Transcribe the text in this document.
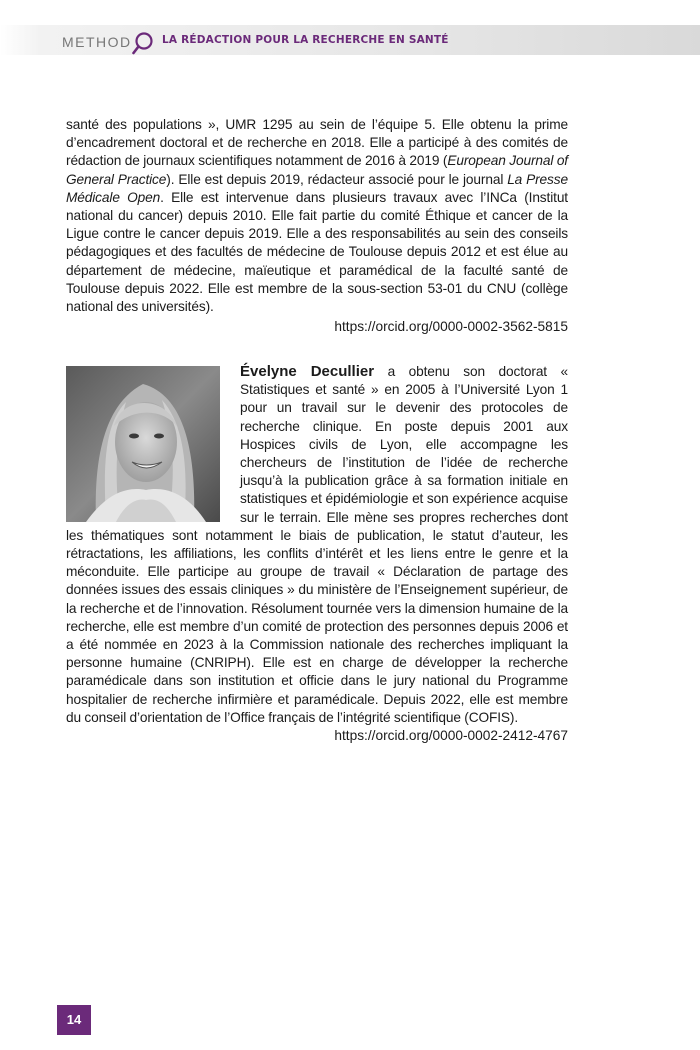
METHOD	LA RÉDACTION POUR LA RECHERCHE EN SANTÉ
santé des populations », UMR 1295 au sein de l’équipe 5. Elle obtenu la prime d’encadrement doctoral et de recherche en 2018. Elle a participé à des comités de rédaction de journaux scientifiques notamment de 2016 à 2019 (European Journal of General Practice). Elle est depuis 2019, rédacteur associé pour le journal La Presse Médicale Open. Elle est intervenue dans plusieurs travaux avec l’INCa (Institut national du cancer) depuis 2010. Elle fait partie du comité Éthique et cancer de la Ligue contre le cancer depuis 2019. Elle a des responsabilités au sein des conseils pédagogiques et des facultés de médecine de Toulouse depuis 2012 et est élue au département de médecine, maïeutique et paramédical de la faculté santé de Toulouse depuis 2022. Elle est membre de la sous-section 53-01 du CNU (collège national des universités).
https://orcid.org/0000-0002-3562-5815
Évelyne Decullier a obtenu son doctorat « Statistiques et santé » en 2005 à l’Université Lyon 1 pour un travail sur le devenir des protocoles de recherche clinique. En poste depuis 2001 aux Hospices civils de Lyon, elle accompagne les chercheurs de l’institution de l’idée de recherche jusqu’à la publication grâce à sa formation initiale en statistiques et épidémiologie et son expérience acquise sur le terrain. Elle mène ses propres recherches dont les thématiques sont notamment le biais de publication, le statut d’auteur, les rétractations, les affiliations, les conflits d’intérêt et les liens entre le genre et la méconduite. Elle participe au groupe de travail « Déclaration de partage des données issues des essais cliniques » du ministère de l’Enseignement supérieur, de la recherche et de l’innovation. Résolument tournée vers la dimension humaine de la recherche, elle est membre d’un comité de protection des personnes depuis 2006 et a été nommée en 2023 à la Commission nationale des recherches impliquant la personne humaine (CNRIPH). Elle est en charge de développer la recherche paramédicale dans son institution et officie dans le jury national du Programme hospitalier de recherche infirmière et paramédicale. Depuis 2022, elle est membre du conseil d’orientation de l’Office français de l’intégrité scientifique (COFIS).
https://orcid.org/0000-0002-2412-4767
14
